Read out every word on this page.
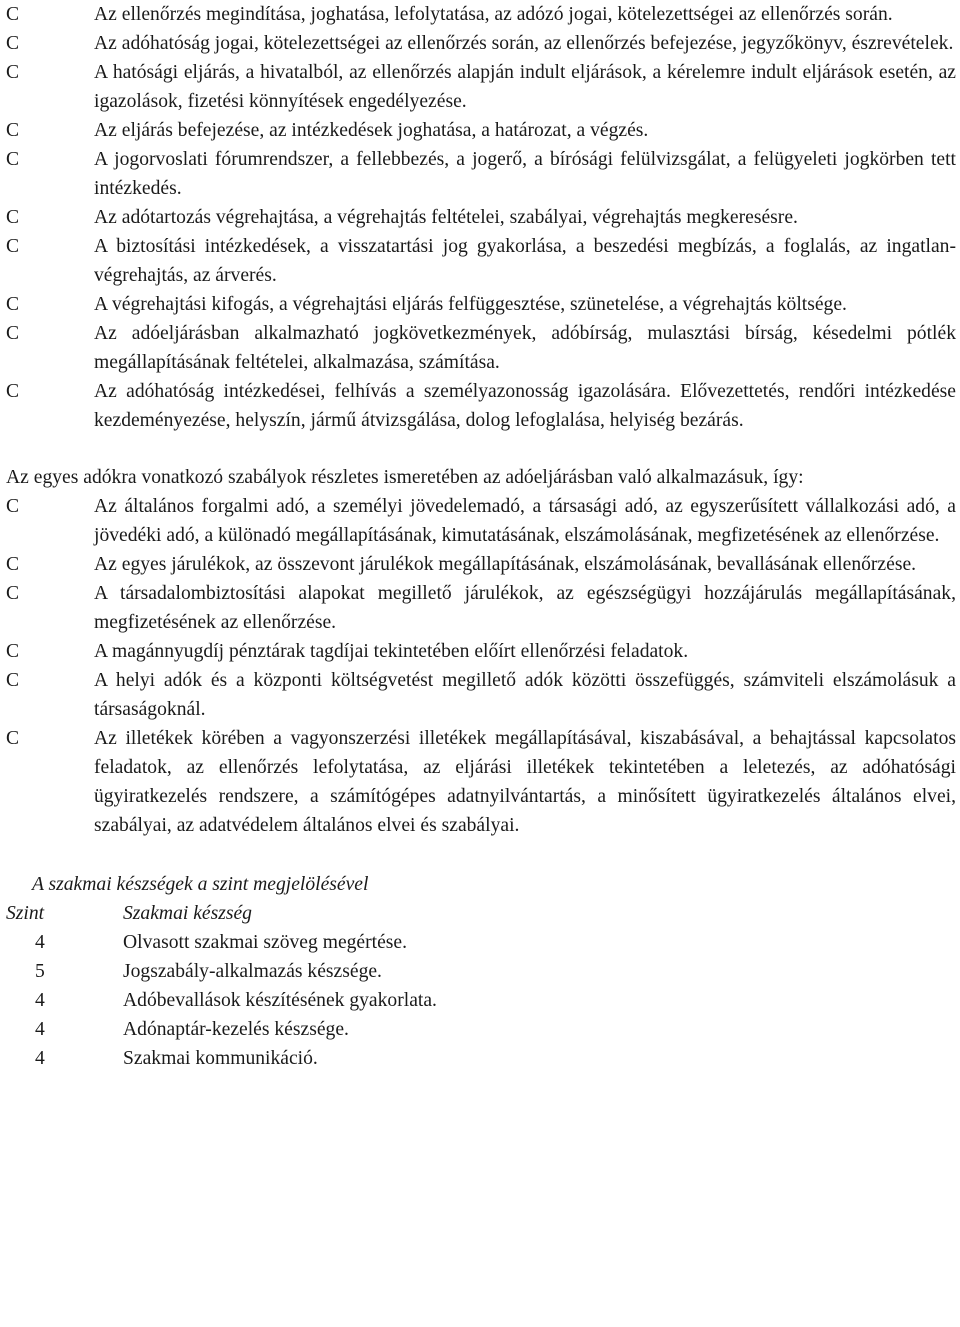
C	Az ellenőrzés megindítása, joghatása, lefolytatása, az adózó jogai, kötelezettségei az ellenőrzés során.
C	Az adóhatóság jogai, kötelezettségei az ellenőrzés során, az ellenőrzés befejezése, jegyzőkönyv, észrevételek.
C	A hatósági eljárás, a hivatalból, az ellenőrzés alapján indult eljárások, a kérelemre indult eljárások esetén, az igazolások, fizetési könnyítések engedélyezése.
C	Az eljárás befejezése, az intézkedések joghatása, a határozat, a végzés.
C	A jogorvoslati fórumrendszer, a fellebbezés, a jogerő, a bírósági felülvizsgálat, a felügyeleti jogkörben tett intézkedés.
C	Az adótartozás végrehajtása, a végrehajtás feltételei, szabályai, végrehajtás megkeresésre.
C	A biztosítási intézkedések, a visszatartási jog gyakorlása, a beszedési megbízás, a foglalás, az ingatlan-végrehajtás, az árverés.
C	A végrehajtási kifogás, a végrehajtási eljárás felfüggesztése, szünetelése, a végrehajtás költsége.
C	Az adóeljárásban alkalmazható jogkövetkezmények, adóbírság, mulasztási bírság, késedelmi pótlék megállapításának feltételei, alkalmazása, számítása.
C	Az adóhatóság intézkedései, felhívás a személyazonosság igazolására. Elővezettetés, rendőri intézkedése kezdeményezése, helyszín, jármű átvizsgálása, dolog lefoglalása, helyiség bezárás.

Az egyes adókra vonatkozó szabályok részletes ismeretében az adóeljárásban való alkalmazásuk, így:

C	Az általános forgalmi adó, a személyi jövedelemadó, a társasági adó, az egyszerűsített vállalkozási adó, a jövedéki adó, a különadó megállapításának, kimutatásának, elszámolásának, megfizetésének az ellenőrzése.
C	Az egyes járulékok, az összevont járulékok megállapításának, elszámolásának, bevallásának ellenőrzése.
C	A társadalombiztosítási alapokat megillető járulékok, az egészségügyi hozzájárulás megállapításának, megfizetésének az ellenőrzése.
C	A magánnyugdíj pénztárak tagdíjai tekintetében előírt ellenőrzési feladatok.
C	A helyi adók és a központi költségvetést megillető adók közötti összefüggés, számviteli elszámolásuk a társaságoknál.
C	Az illetékek körében a vagyonszerzési illetékek megállapításával, kiszabásával, a behajtással kapcsolatos feladatok, az ellenőrzés lefolytatása, az eljárási illetékek tekintetében a leletezés, az adóhatósági ügyiratkezelés rendszere, a számítógépes adatnyilvántartás, a minősített ügyiratkezelés általános elvei, szabályai, az adatvédelem általános elvei és szabályai.

A szakmai készségek a szint megjelölésével

Szint	Szakmai készség
4	Olvasott szakmai szöveg megértése.
5	Jogszabály-alkalmazás készsége.
4	Adóbevallások készítésének gyakorlata.
4	Adónaptár-kezelés készsége.
4	Szakmai kommunikáció.
